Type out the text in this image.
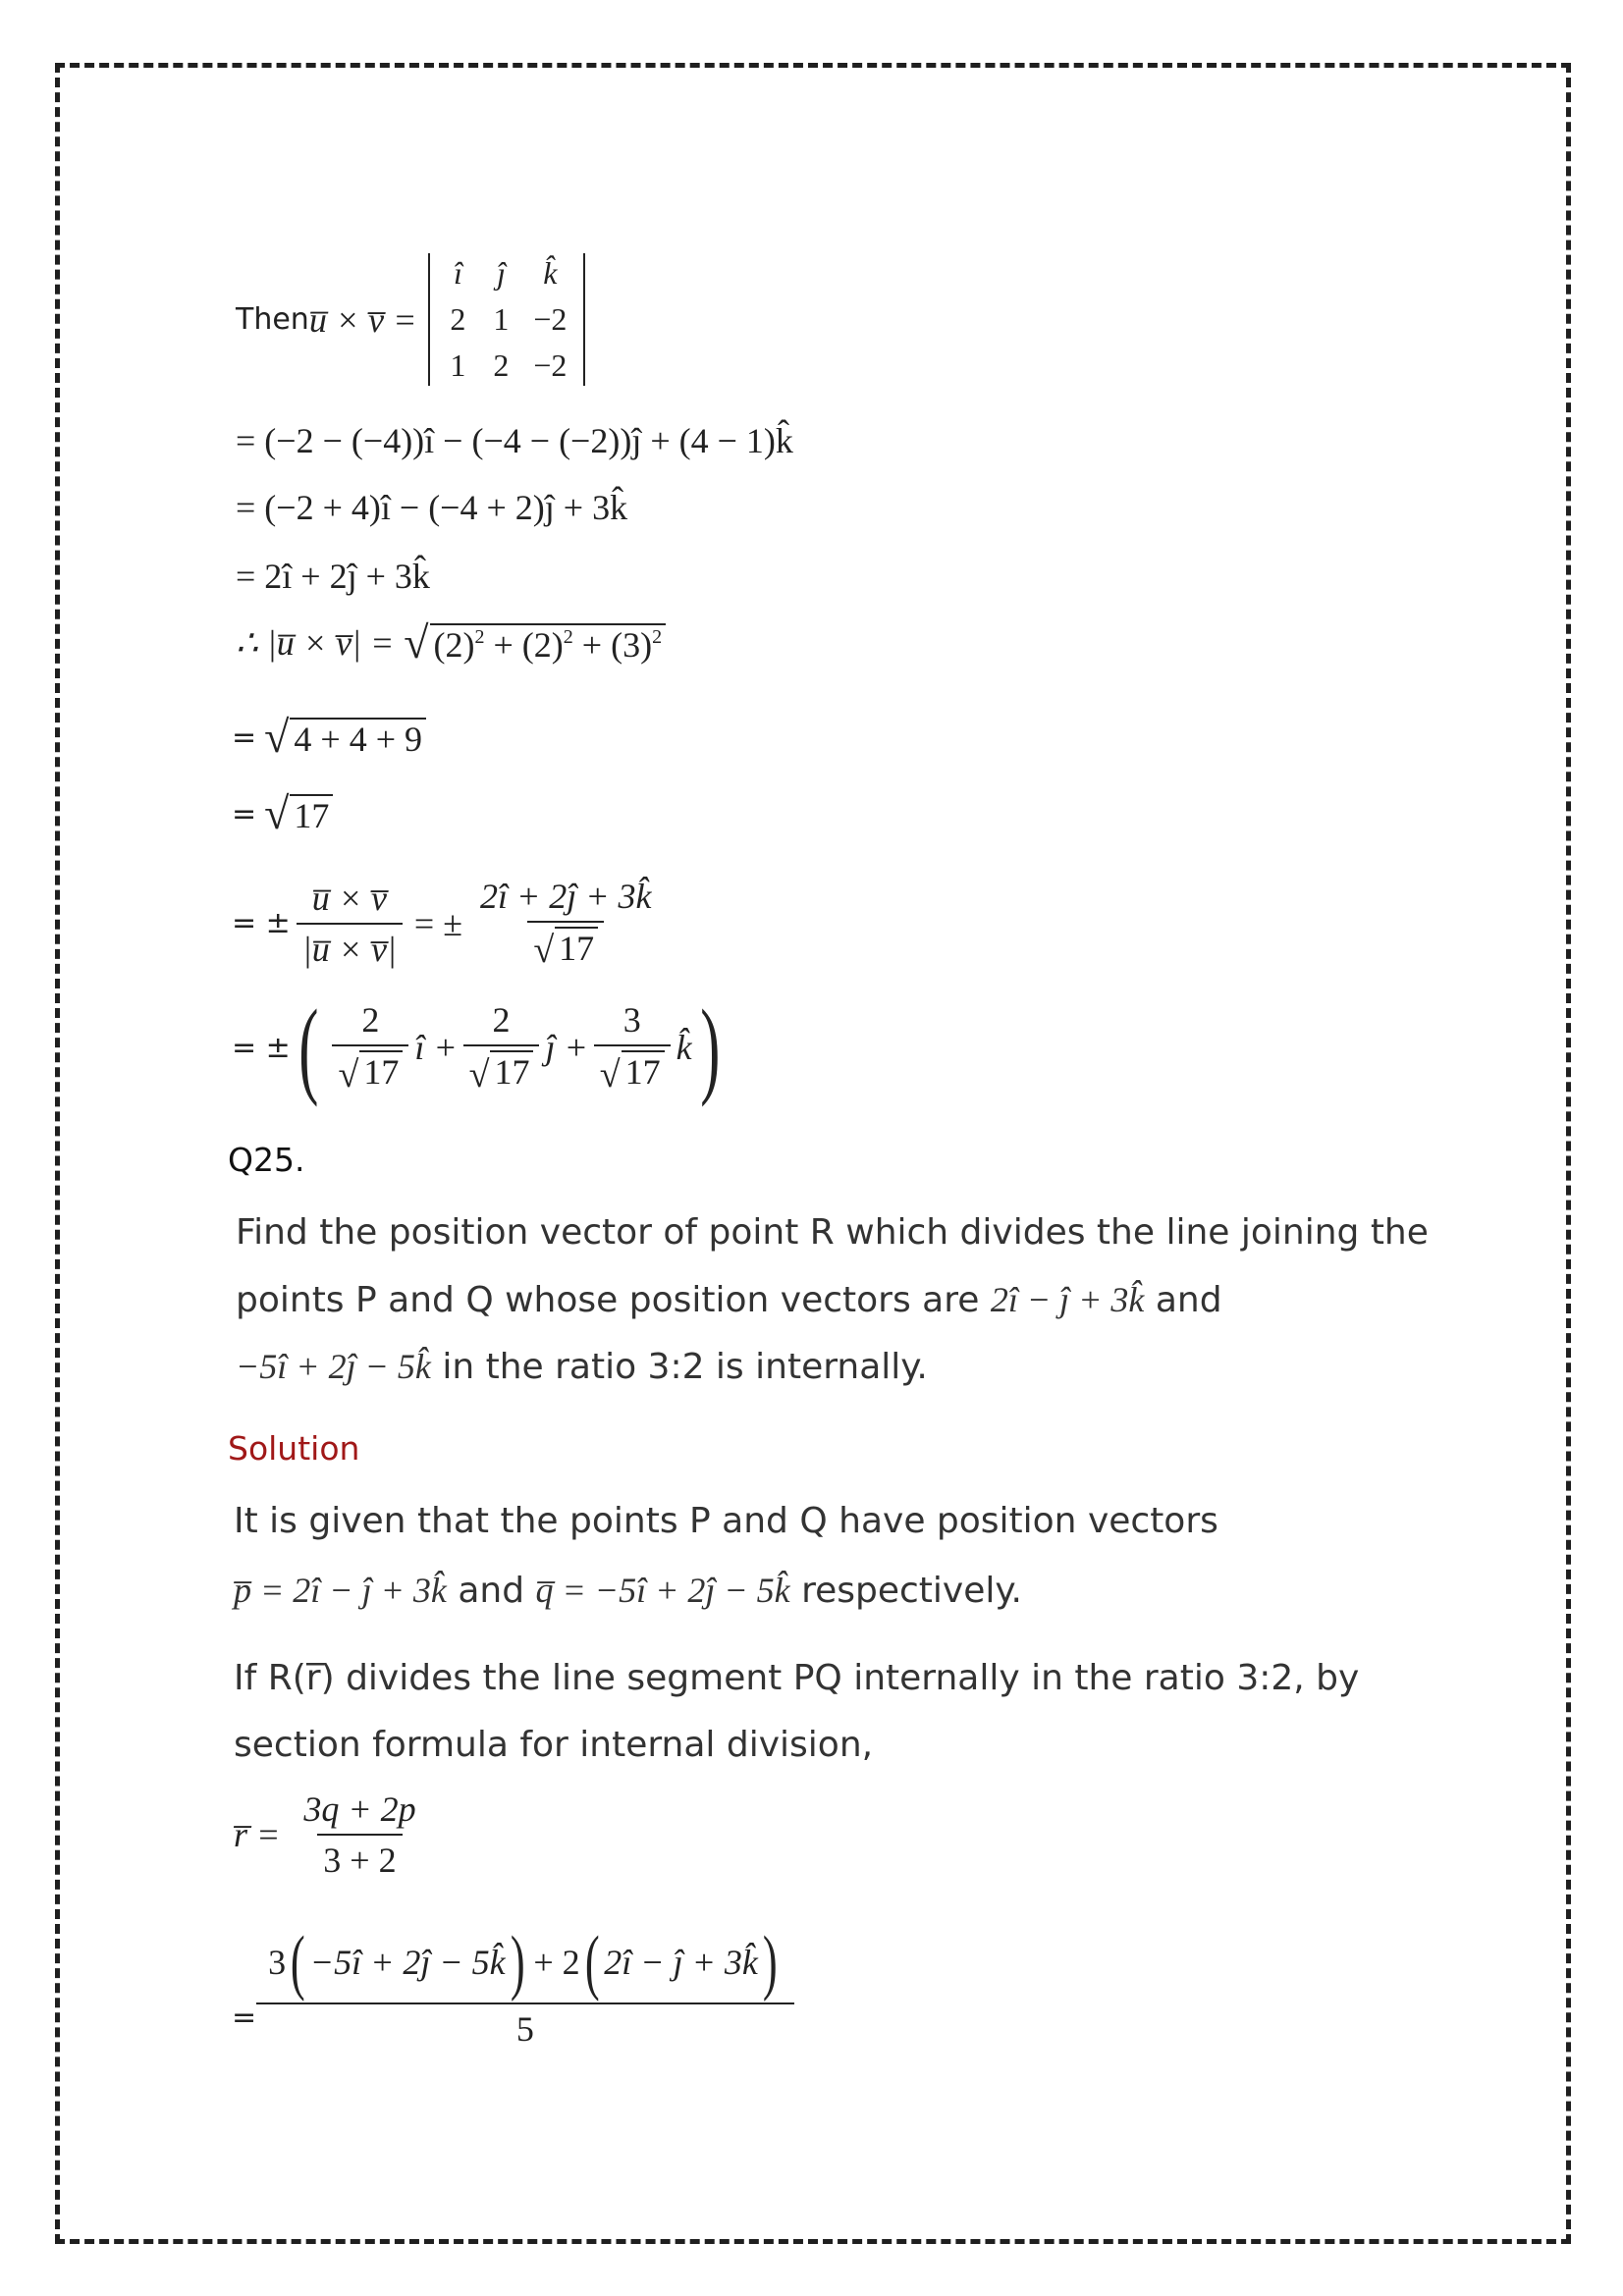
Then u̅ × v̅ =
î	ĵ	k̂
2 1 −2
1 2 −2
= (−2 − (−4))î − (−4 − (−2))ĵ + (4 − 1)k̂
= (−2 + 4)î − (−4 + 2)ĵ + 3k̂
= 2î + 2ĵ + 3k̂
∴ |u̅ × v̅| = √ $(2)^2 + (2)^2 + (3)^2$
= √ 4 + 4 + 9
= √ 17
= ± $\frac{u̅ \times v̅}{|u̅ \times v̅|}$ = ± $\frac{2î + 2ĵ + 3k̂}{√ 17}$
= ± ( $\frac{2}{√ 17}$ î + $\frac{2}{√ 17}$ ĵ + $\frac{3}{√ 17}$ k̂ )
Q25.
Find the position vector of point R which divides the line joining the
points P and Q whose position vectors are 2î − ĵ + 3k̂ and
−5î + 2ĵ − 5k̂ in the ratio 3:2 is internally.
Solution
It is given that the points P and Q have position vectors
p̅ = 2î − ĵ + 3k̂ and q̅ = −5î + 2ĵ − 5k̂ respectively.
If R(r̅) divides the line segment PQ internally in the ratio 3:2, by
section formula for internal division,
r̅ = $\frac{3q + 2p}{3 + 2}$
=
3 ( −5î + 2ĵ − 5k̂ ) + 2 ( 2î − ĵ + 3k̂ )
5
